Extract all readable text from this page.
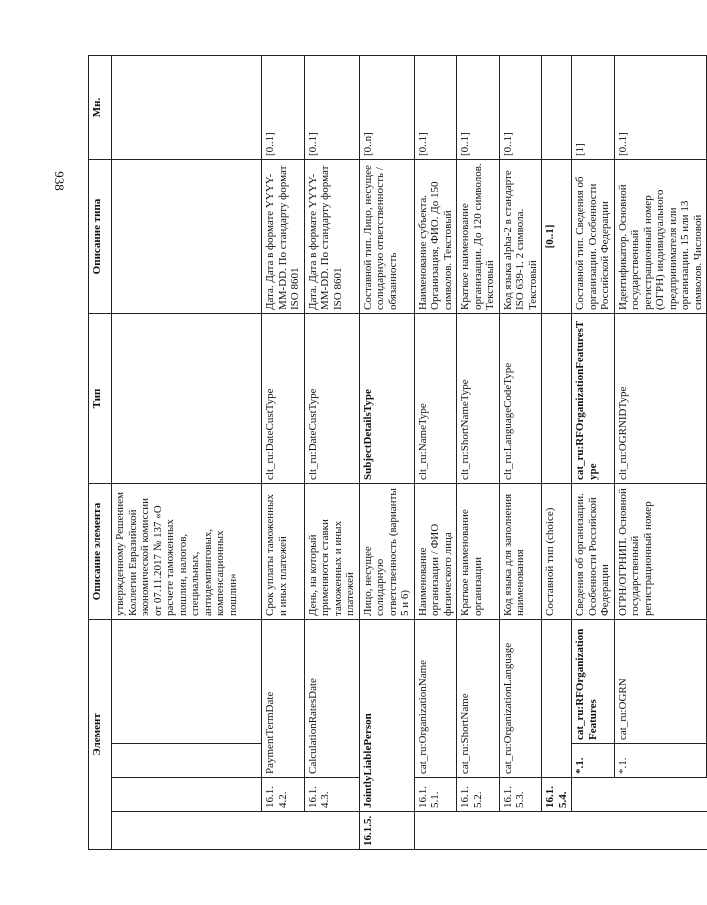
938
Элемент				Описание элемента	Тип	Описание типа	Мн.
				утвержденному Решением Коллегии Евразийской экономической комиссии от 07.11.2017 № 137 «О расчете таможенных пошлин, налогов, специальных, антидемпинговых, компенсационных пошлин»			
	16.1.4.2.	PaymentTermDate		Срок уплаты таможенных и иных платежей	clt_ru:DateCustType	Дата. Дата в формате YYYY-MM-DD. По стандарту формат ISO 8601	[0..1]
	16.1.4.3.	CalculationRatesDate		День, на который применяются ставки таможенных и иных платежей	clt_ru:DateCustType	Дата. Дата в формате YYYY-MM-DD. По стандарту формат ISO 8601	[0..1]
16.1.5.	JointlyLiablePerson			Лицо, несущее солидарную ответственность (варианты 5 и 6)	SubjectDetailsType	Составной тип. Лицо, несущее солидарную ответственность / обязанность	[0..n]
	16.1.5.1.	cat_ru:OrganizationName		Наименование организации / ФИО физического лица	clt_ru:NameType	Наименование субъекта. Организация, ФИО. До 150 символов. Текстовый	[0..1]
	16.1.5.2.	cat_ru:ShortName		Краткое наименование организации	clt_ru:ShortNameType	Краткое наименование организации. До 120 символов. Текстовый	[0..1]
	16.1.5.3.	cat_ru:OrganizationLanguage		Код языка для заполнения наименования	clt_ru:LanguageCodeType	Код языка alpha-2 в стандарте ISO 639-1. 2 символа. Текстовый	[0..1]
	16.1.5.4.			Составной тип (choice)		[0..1]	
		*.1.	cat_ru:RFOrganizationFeatures	Сведения об организации. Особенности Российской Федерации	cat_ru:RFOrganizationFeaturesType	Составной тип. Сведения об организации. Особенности Российской Федерации	[1]
		*.1.	cat_ru:OGRN	ОГРН/ОГРНИП. Основной государственный регистрационный номер	clt_ru:OGRNIDType	Идентификатор. Основной государственный регистрационный номер (ОГРН) индивидуального предпринимателя или организации. 15 или 13 символов. Числовой	[0..1]
